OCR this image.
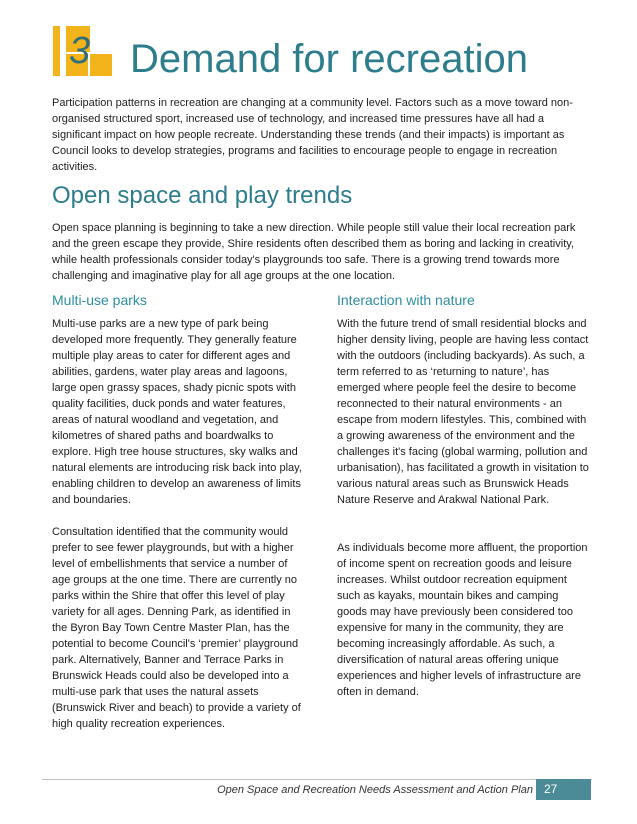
3 Demand for recreation

Participation patterns in recreation are changing at a community level. Factors such as a move toward non-organised structured sport, increased use of technology, and increased time pressures have all had a significant impact on how people recreate. Understanding these trends (and their impacts) is important as Council looks to develop strategies, programs and facilities to encourage people to engage in recreation activities.

Open space and play trends

Open space planning is beginning to take a new direction. While people still value their local recreation park and the green escape they provide, Shire residents often described them as boring and lacking in creativity, while health professionals consider today's playgrounds too safe. There is a growing trend towards more challenging and imaginative play for all age groups at the one location.

Multi-use parks

Multi-use parks are a new type of park being developed more frequently. They generally feature multiple play areas to cater for different ages and abilities, gardens, water play areas and lagoons, large open grassy spaces, shady picnic spots with quality facilities, duck ponds and water features, areas of natural woodland and vegetation, and kilometres of shared paths and boardwalks to explore. High tree house structures, sky walks and natural elements are introducing risk back into play, enabling children to develop an awareness of limits and boundaries.

Consultation identified that the community would prefer to see fewer playgrounds, but with a higher level of embellishments that service a number of age groups at the one time. There are currently no parks within the Shire that offer this level of play variety for all ages. Denning Park, as identified in the Byron Bay Town Centre Master Plan, has the potential to become Council's ‘premier’ playground park. Alternatively, Banner and Terrace Parks in Brunswick Heads could also be developed into a multi-use park that uses the natural assets (Brunswick River and beach) to provide a variety of high quality recreation experiences.

Interaction with nature

With the future trend of small residential blocks and higher density living, people are having less contact with the outdoors (including backyards). As such, a term referred to as ‘returning to nature’, has emerged where people feel the desire to become reconnected to their natural environments - an escape from modern lifestyles. This, combined with a growing awareness of the environment and the challenges it's facing (global warming, pollution and urbanisation), has facilitated a growth in visitation to various natural areas such as Brunswick Heads Nature Reserve and Arakwal National Park.

As individuals become more affluent, the proportion of income spent on recreation goods and leisure increases. Whilst outdoor recreation equipment such as kayaks, mountain bikes and camping goods may have previously been considered too expensive for many in the community, they are becoming increasingly affordable. As such, a diversification of natural areas offering unique experiences and higher levels of infrastructure are often in demand.

Open Space and Recreation Needs Assessment and Action Plan 27
